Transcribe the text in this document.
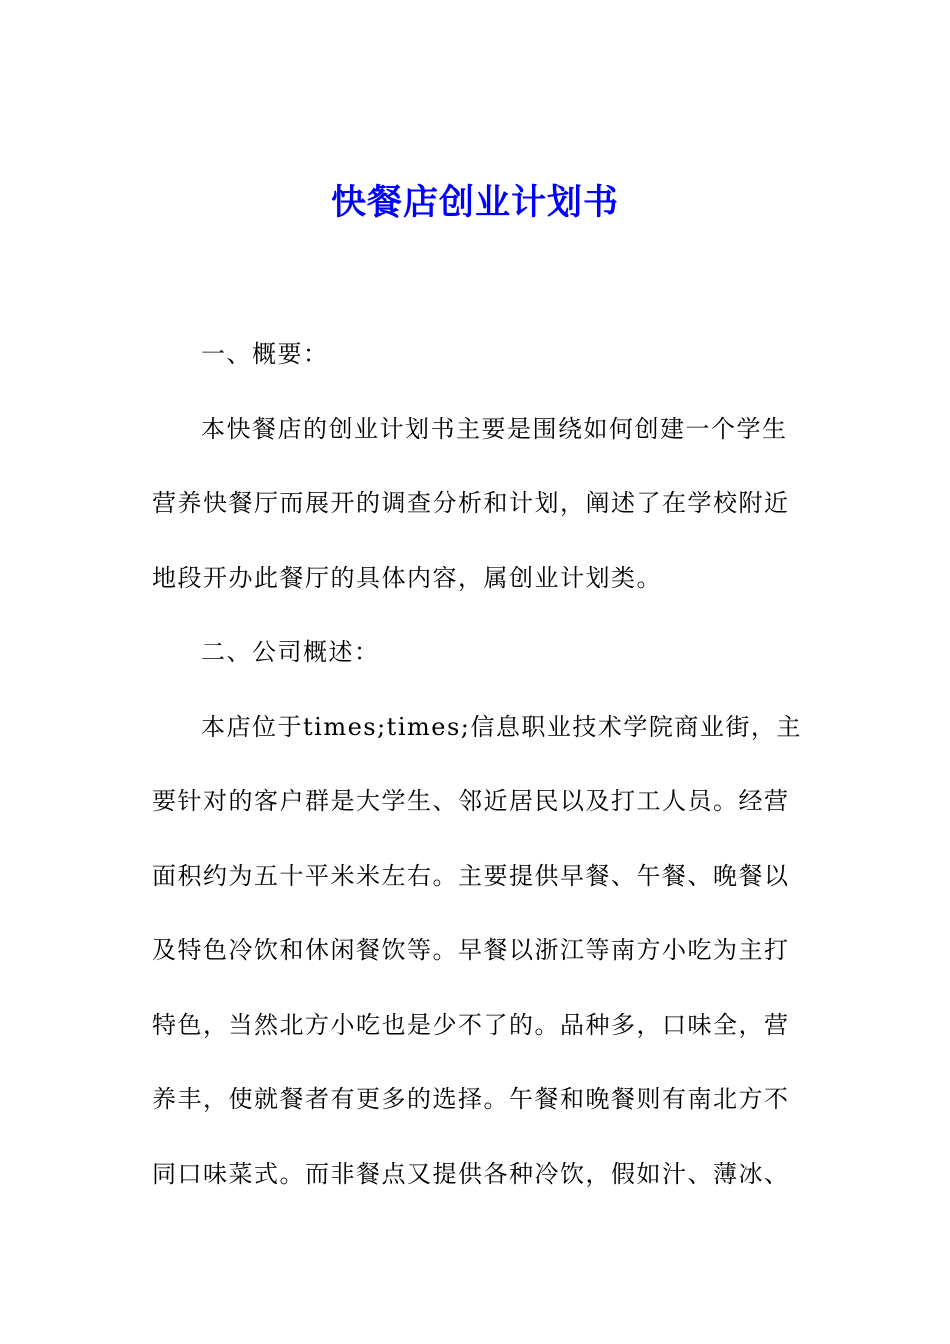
快餐店创业计划书
一、概要：
本快餐店的创业计划书主要是围绕如何创建一个学生
营养快餐厅而展开的调查分析和计划，阐述了在学校附近
地段开办此餐厅的具体内容，属创业计划类。
二、公司概述：
本店位于times;times;信息职业技术学院商业街，主
要针对的客户群是大学生、邻近居民以及打工人员。经营
面积约为五十平米米左右。主要提供早餐、午餐、晚餐以
及特色冷饮和休闲餐饮等。早餐以浙江等南方小吃为主打
特色，当然北方小吃也是少不了的。品种多，口味全，营
养丰，使就餐者有更多的选择。午餐和晚餐则有南北方不
同口味菜式。而非餐点又提供各种冷饮，假如汁、薄冰、
